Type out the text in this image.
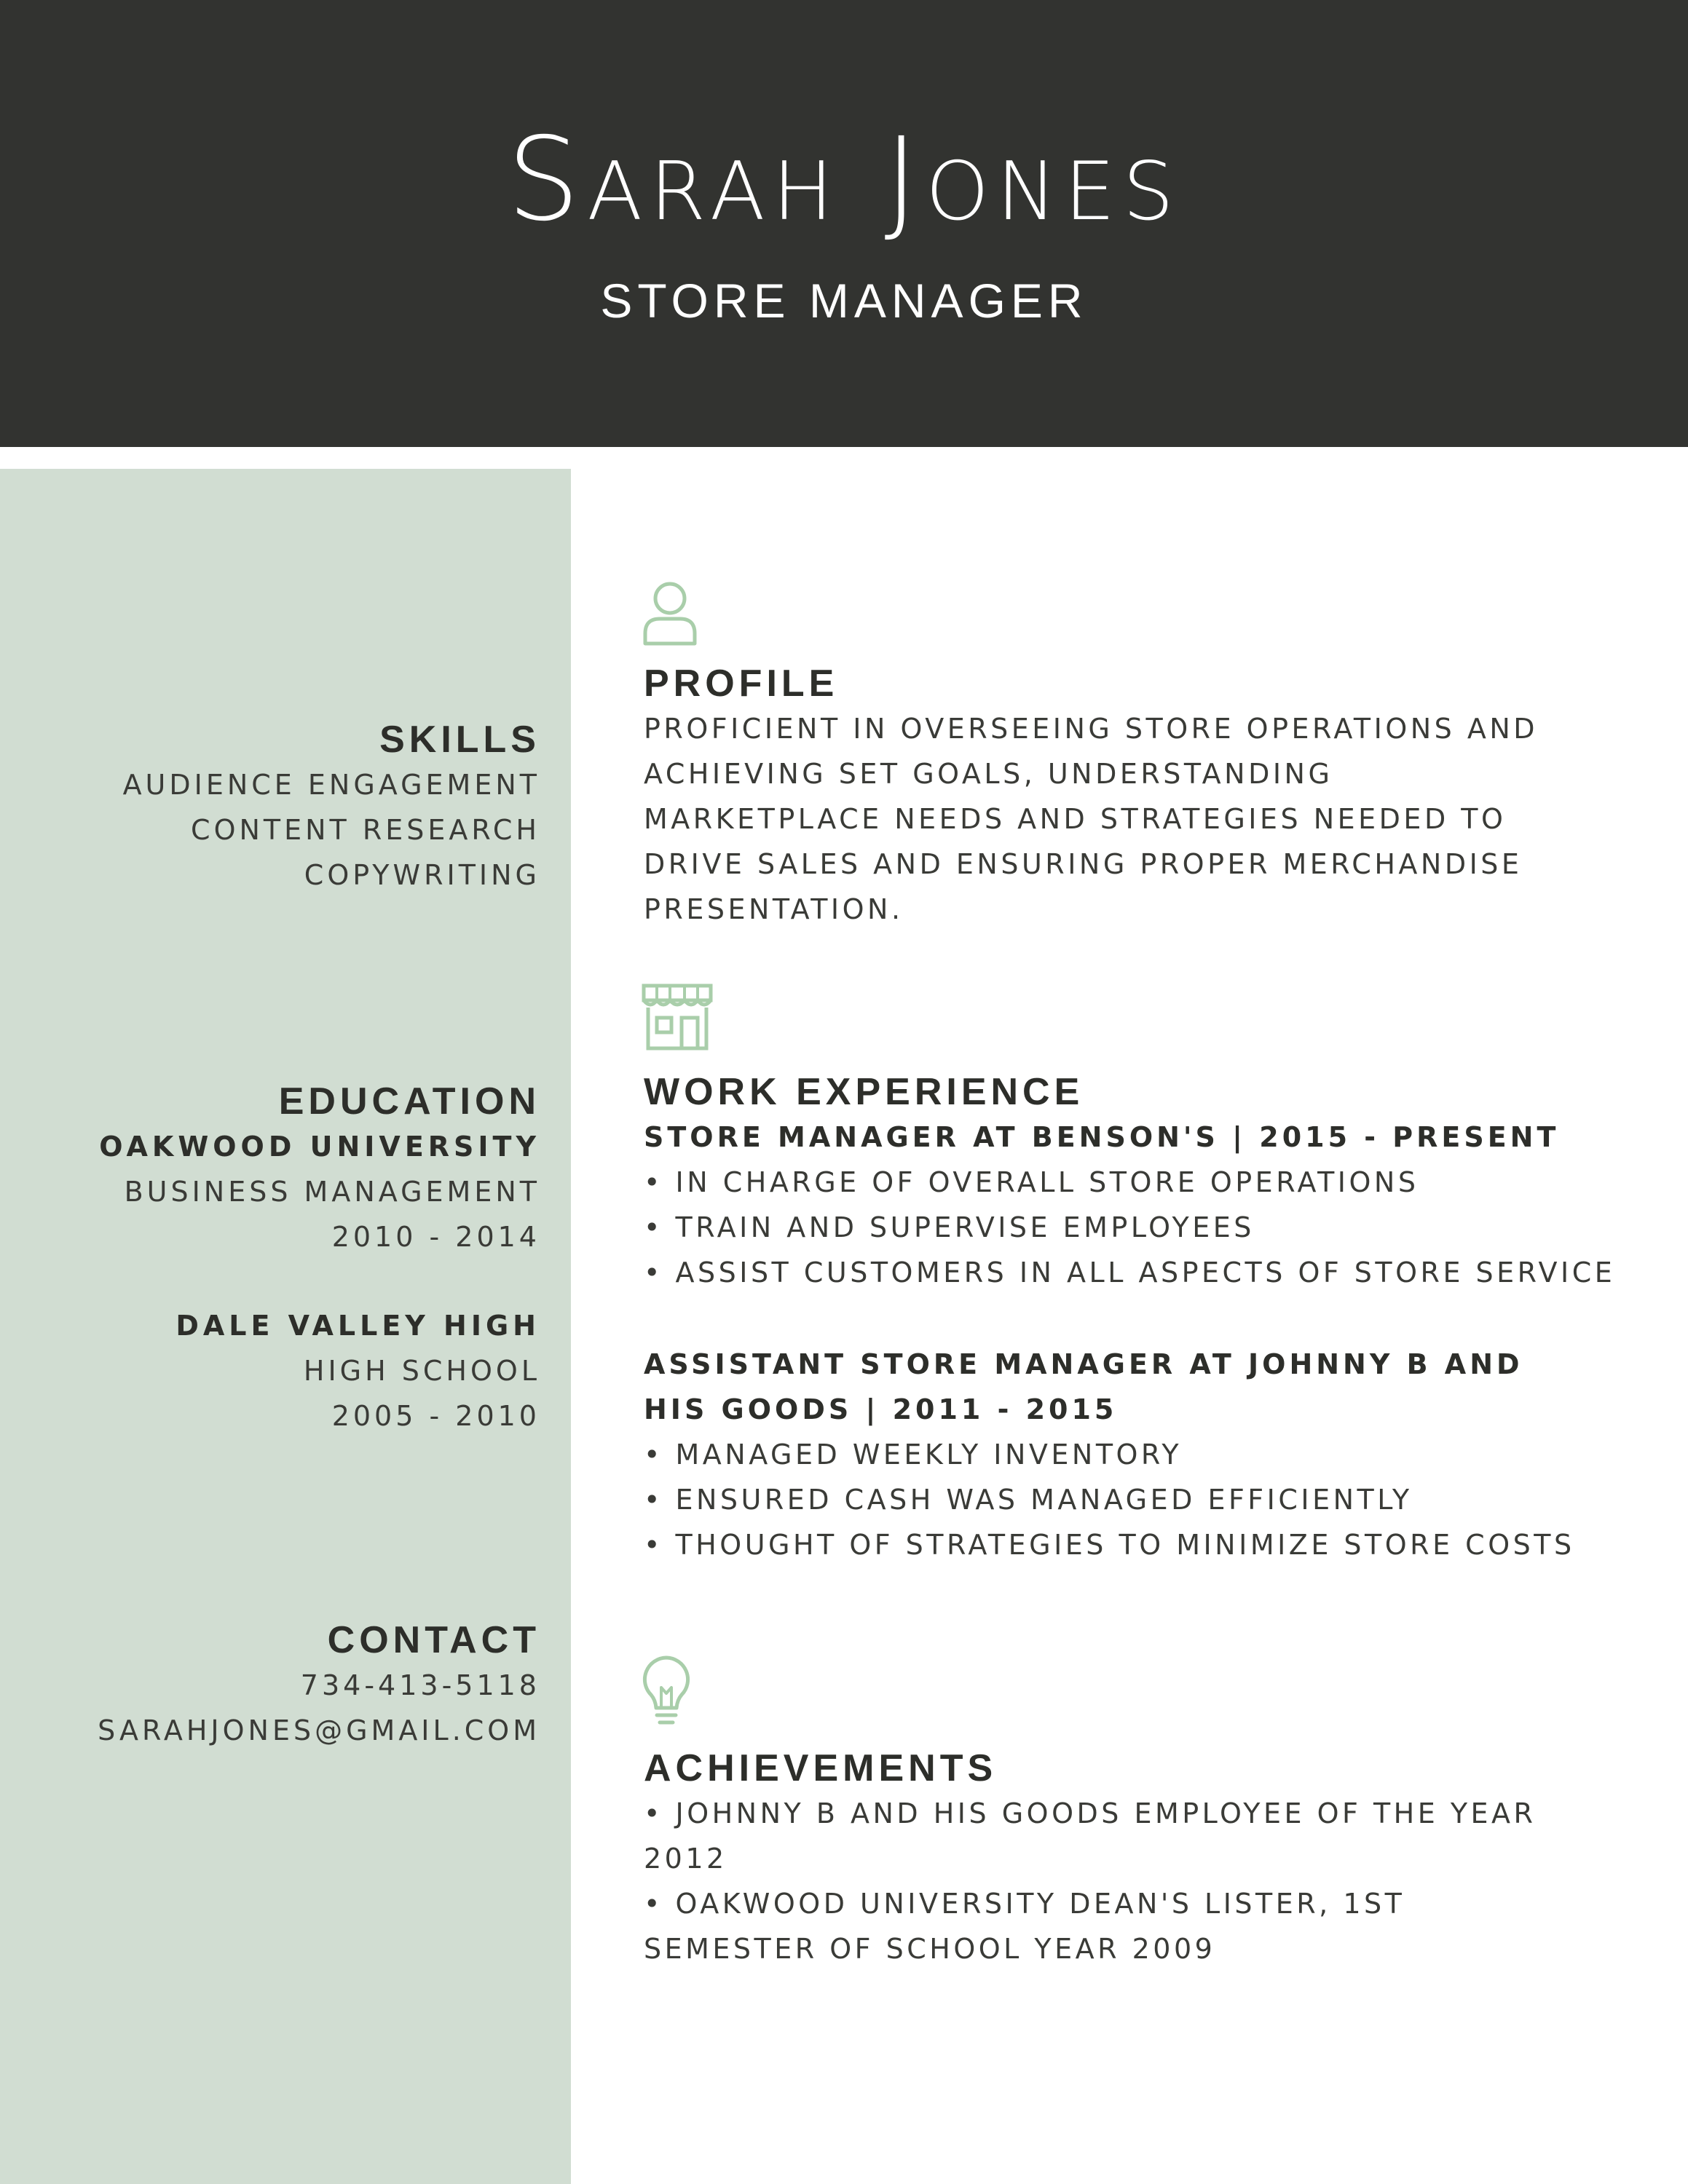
Sarah Jones
STORE MANAGER
SKILLS
AUDIENCE ENGAGEMENT
CONTENT RESEARCH
COPYWRITING
EDUCATION
OAKWOOD UNIVERSITY
BUSINESS MANAGEMENT
2010 - 2014
DALE VALLEY HIGH
HIGH SCHOOL
2005 - 2010
CONTACT
734-413-5118
SARAHJONES@GMAIL.COM
PROFILE
PROFICIENT IN OVERSEEING STORE OPERATIONS AND ACHIEVING SET GOALS, UNDERSTANDING MARKETPLACE NEEDS AND STRATEGIES NEEDED TO DRIVE SALES AND ENSURING PROPER MERCHANDISE PRESENTATION.
WORK EXPERIENCE
STORE MANAGER AT BENSON'S | 2015 - PRESENT
• IN CHARGE OF OVERALL STORE OPERATIONS
• TRAIN AND SUPERVISE EMPLOYEES
• ASSIST CUSTOMERS IN ALL ASPECTS OF STORE SERVICE
ASSISTANT STORE MANAGER AT JOHNNY B AND HIS GOODS | 2011 - 2015
• MANAGED WEEKLY INVENTORY
• ENSURED CASH WAS MANAGED EFFICIENTLY
• THOUGHT OF STRATEGIES TO MINIMIZE STORE COSTS
ACHIEVEMENTS
• JOHNNY B AND HIS GOODS EMPLOYEE OF THE YEAR 2012
• OAKWOOD UNIVERSITY DEAN'S LISTER, 1ST SEMESTER OF SCHOOL YEAR 2009
